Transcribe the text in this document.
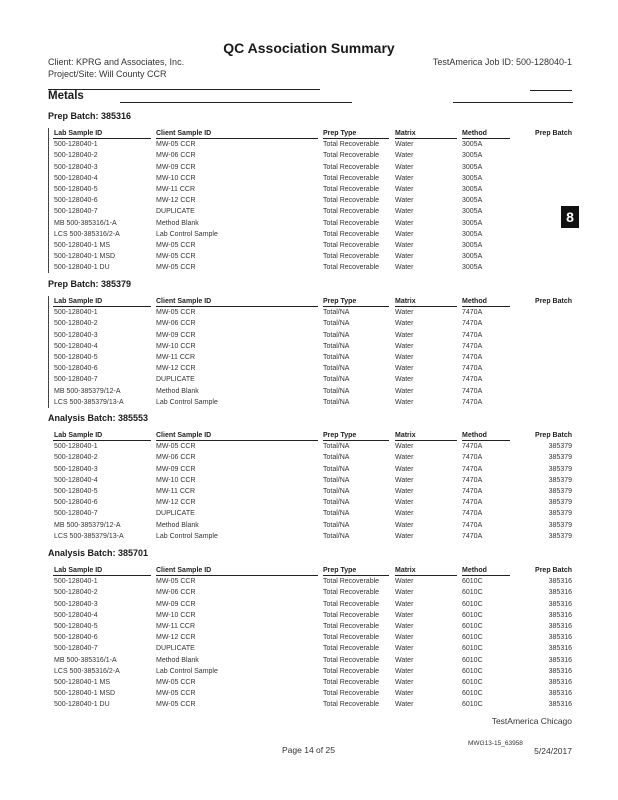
QC Association Summary
Client: KPRG and Associates, Inc.
Project/Site: Will County CCR
TestAmerica Job ID: 500-128040-1
Metals
8
Prep Batch: 385316
Lab Sample ID	Client Sample ID	Prep Type	Matrix	Method	Prep Batch
500-128040-1	MW-05 CCR	Total Recoverable Water	3005A
500-128040-2	MW-06 CCR	Total Recoverable Water	3005A
500-128040-3	MW-09 CCR	Total Recoverable Water	3005A
500-128040-4	MW-10 CCR	Total Recoverable Water	3005A
500-128040-5	MW-11 CCR	Total Recoverable Water	3005A
500-128040-6	MW-12 CCR	Total Recoverable Water	3005A
500-128040-7	DUPLICATE	Total Recoverable Water	3005A
MB 500-385316/1-A	Method Blank	Total Recoverable Water	3005A
LCS 500-385316/2-A	Lab Control Sample	Total Recoverable Water	3005A
500-128040-1 MS	MW-05 CCR	Total Recoverable Water	3005A
500-128040-1 MSD	MW-05 CCR	Total Recoverable Water	3005A
500-128040-1 DU	MW-05 CCR	Total Recoverable Water	3005A
Prep Batch: 385379
Lab Sample ID	Client Sample ID	Prep Type	Matrix	Method	Prep Batch
500-128040-1	MW-05 CCR	Total/NA	Water	7470A
500-128040-2	MW-06 CCR	Total/NA	Water	7470A
500-128040-3	MW-09 CCR	Total/NA	Water	7470A
500-128040-4	MW-10 CCR	Total/NA	Water	7470A
500-128040-5	MW-11 CCR	Total/NA	Water	7470A
500-128040-6	MW-12 CCR	Total/NA	Water	7470A
500-128040-7	DUPLICATE	Total/NA	Water	7470A
MB 500-385379/12-A	Method Blank	Total/NA	Water	7470A
LCS 500-385379/13-A	Lab Control Sample	Total/NA	Water	7470A
Analysis Batch: 385553
Lab Sample ID	Client Sample ID	Prep Type	Matrix	Method	Prep Batch
500-128040-1	MW-05 CCR	Total/NA	Water	7470A	385379
500-128040-2	MW-06 CCR	Total/NA	Water	7470A	385379
500-128040-3	MW-09 CCR	Total/NA	Water	7470A	385379
500-128040-4	MW-10 CCR	Total/NA	Water	7470A	385379
500-128040-5	MW-11 CCR	Total/NA	Water	7470A	385379
500-128040-6	MW-12 CCR	Total/NA	Water	7470A	385379
500-128040-7	DUPLICATE	Total/NA	Water	7470A	385379
MB 500-385379/12-A	Method Blank	Total/NA	Water	7470A	385379
LCS 500-385379/13-A	Lab Control Sample	Total/NA	Water	7470A	385379
Analysis Batch: 385701
Lab Sample ID	Client Sample ID	Prep Type	Matrix	Method	Prep Batch
500-128040-1	MW-05 CCR	Total Recoverable Water	6010C	385316
500-128040-2	MW-06 CCR	Total Recoverable Water	6010C	385316
500-128040-3	MW-09 CCR	Total Recoverable Water	6010C	385316
500-128040-4	MW-10 CCR	Total Recoverable Water	6010C	385316
500-128040-5	MW-11 CCR	Total Recoverable Water	6010C	385316
500-128040-6	MW-12 CCR	Total Recoverable Water	6010C	385316
500-128040-7	DUPLICATE	Total Recoverable Water	6010C	385316
MB 500-385316/1-A	Method Blank	Total Recoverable Water	6010C	385316
LCS 500-385316/2-A	Lab Control Sample	Total Recoverable Water	6010C	385316
500-128040-1 MS	MW-05 CCR	Total Recoverable Water	6010C	385316
500-128040-1 MSD	MW-05 CCR	Total Recoverable Water	6010C	385316
500-128040-1 DU	MW-05 CCR	Total Recoverable Water	6010C	385316
TestAmerica Chicago
MWG13-15_63958
Page 14 of 25	5/24/2017
